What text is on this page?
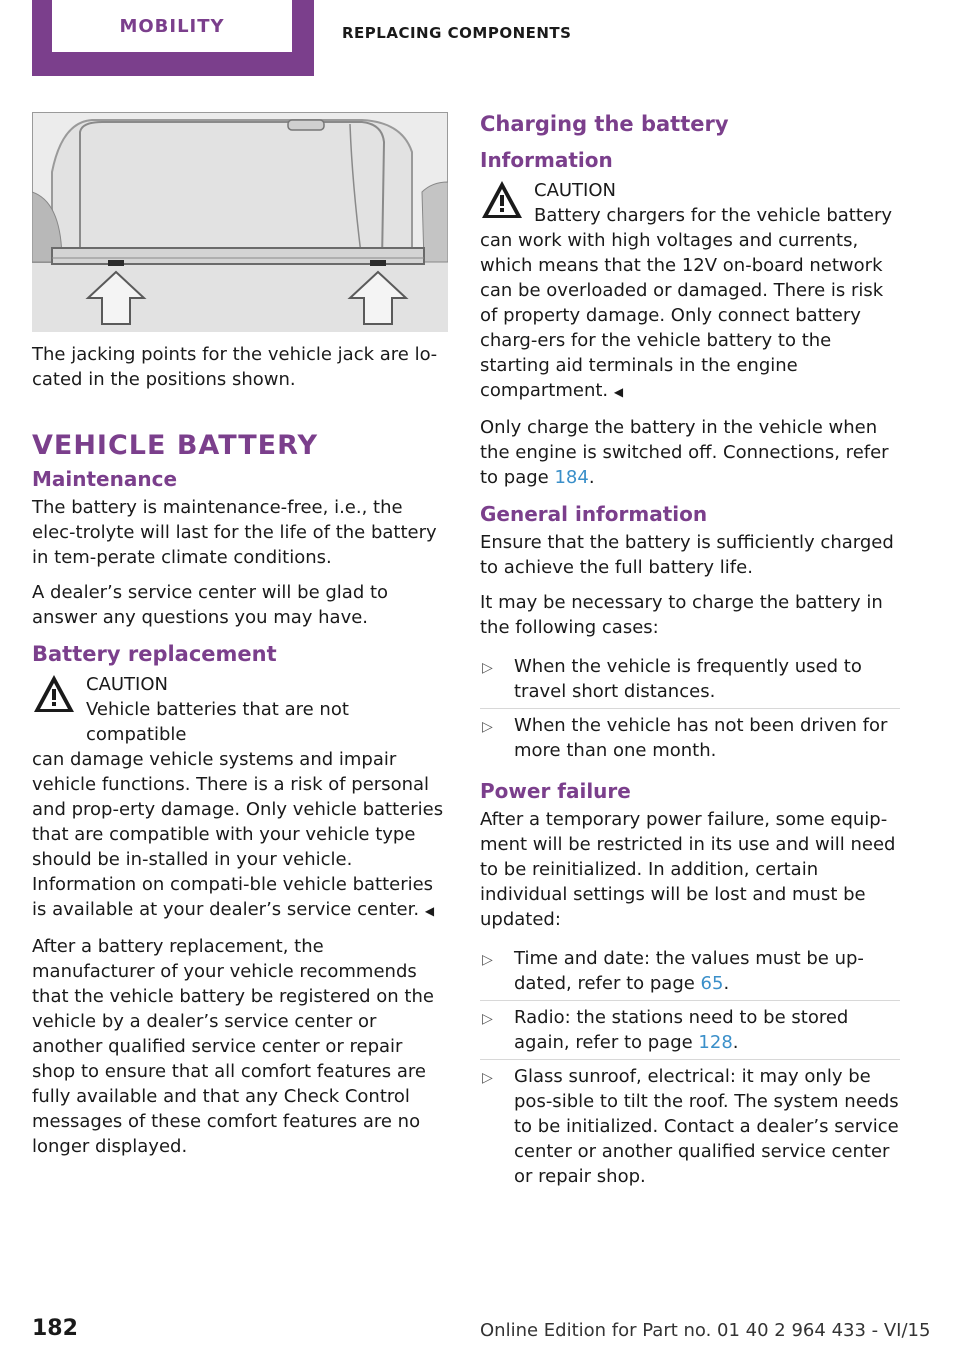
MOBILITY	REPLACING COMPONENTS

The jacking points for the vehicle jack are lo‐cated in the positions shown.

VEHICLE BATTERY
Maintenance

The battery is maintenance-free, i.e., the elec‐trolyte will last for the life of the battery in tem‐perate climate conditions.

A dealer’s service center will be glad to answer any questions you may have.

Battery replacement
CAUTION
Vehicle batteries that are not compatible
can damage vehicle systems and impair vehicle functions. There is a risk of personal and prop‐erty damage. Only vehicle batteries that are compatible with your vehicle type should be in‐stalled in your vehicle. Information on compati‐ble vehicle batteries is available at your dealer’s service center. ◀

After a battery replacement, the manufacturer of your vehicle recommends that the vehicle battery be registered on the vehicle by a dealer’s service center or another qualified service center or repair shop to ensure that all comfort features are fully available and that any Check Control messages of these comfort features are no longer displayed.

Charging the battery
Information
CAUTION
Battery chargers for the vehicle battery
can work with high voltages and currents, which means that the 12V on-board network can be overloaded or damaged. There is risk of property damage. Only connect battery charg‐ers for the vehicle battery to the starting aid terminals in the engine compartment. ◀

Only charge the battery in the vehicle when the engine is switched off. Connections, refer to page 184.

General information

Ensure that the battery is sufficiently charged to achieve the full battery life.

It may be necessary to charge the battery in the following cases:

▷ When the vehicle is frequently used to travel short distances.
▷ When the vehicle has not been driven for more than one month.
Power failure

After a temporary power failure, some equip‐ment will be restricted in its use and will need to be reinitialized. In addition, certain individual settings will be lost and must be updated:

▷ Time and date: the values must be up‐dated, refer to page 65.
▷ Radio: the stations need to be stored again, refer to page 128.
▷ Glass sunroof, electrical: it may only be pos‐sible to tilt the roof. The system needs to be initialized. Contact a dealer’s service center or another qualified service center or repair shop.
182	Online Edition for Part no. 01 40 2 964 433 - VI/15
